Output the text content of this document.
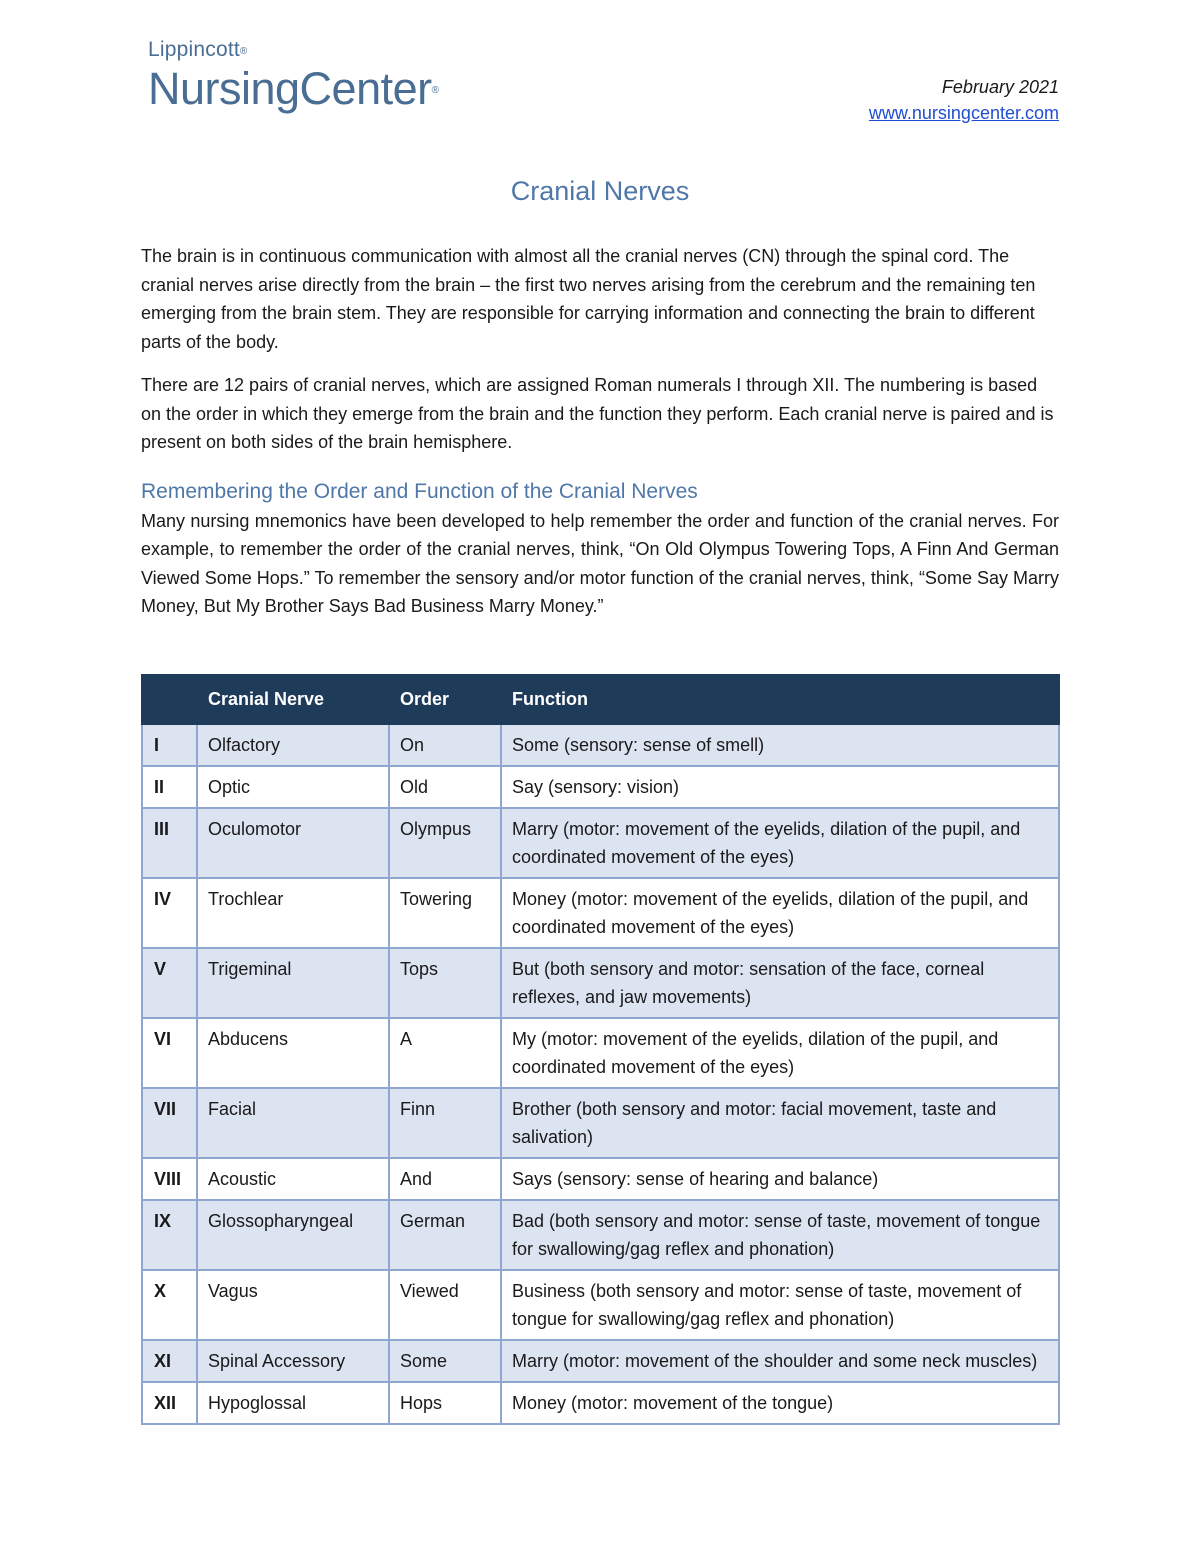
Lippincott®
NursingCenter®	February 2021
www.nursingcenter.com
Cranial Nerves

The brain is in continuous communication with almost all the cranial nerves (CN) through the spinal cord. The cranial nerves arise directly from the brain – the first two nerves arising from the cerebrum and the remaining ten emerging from the brain stem. They are responsible for carrying information and connecting the brain to different parts of the body.

There are 12 pairs of cranial nerves, which are assigned Roman numerals I through XII. The numbering is based on the order in which they emerge from the brain and the function they perform. Each cranial nerve is paired and is present on both sides of the brain hemisphere.

Remembering the Order and Function of the Cranial Nerves

Many nursing mnemonics have been developed to help remember the order and function of the cranial nerves. For example, to remember the order of the cranial nerves, think, “On Old Olympus Towering Tops, A Finn And German Viewed Some Hops.” To remember the sensory and/or motor function of the cranial nerves, think, “Some Say Marry Money, But My Brother Says Bad Business Marry Money.”

	Cranial Nerve	Order	Function
I	Olfactory	On	Some (sensory: sense of smell)
II	Optic	Old	Say (sensory: vision)
III	Oculomotor	Olympus	Marry (motor: movement of the eyelids, dilation of the pupil, and coordinated movement of the eyes)
IV	Trochlear	Towering	Money (motor: movement of the eyelids, dilation of the pupil, and coordinated movement of the eyes)
V	Trigeminal	Tops	But (both sensory and motor: sensation of the face, corneal reflexes, and jaw movements)
VI	Abducens	A	My (motor: movement of the eyelids, dilation of the pupil, and coordinated movement of the eyes)
VII	Facial	Finn	Brother (both sensory and motor: facial movement, taste and salivation)
VIII	Acoustic	And	Says (sensory: sense of hearing and balance)
IX	Glossopharyngeal	German	Bad (both sensory and motor: sense of taste, movement of tongue for swallowing/gag reflex and phonation)
X	Vagus	Viewed	Business (both sensory and motor: sense of taste, movement of tongue for swallowing/gag reflex and phonation)
XI	Spinal Accessory	Some	Marry (motor: movement of the shoulder and some neck muscles)
XII	Hypoglossal	Hops	Money (motor: movement of the tongue)
